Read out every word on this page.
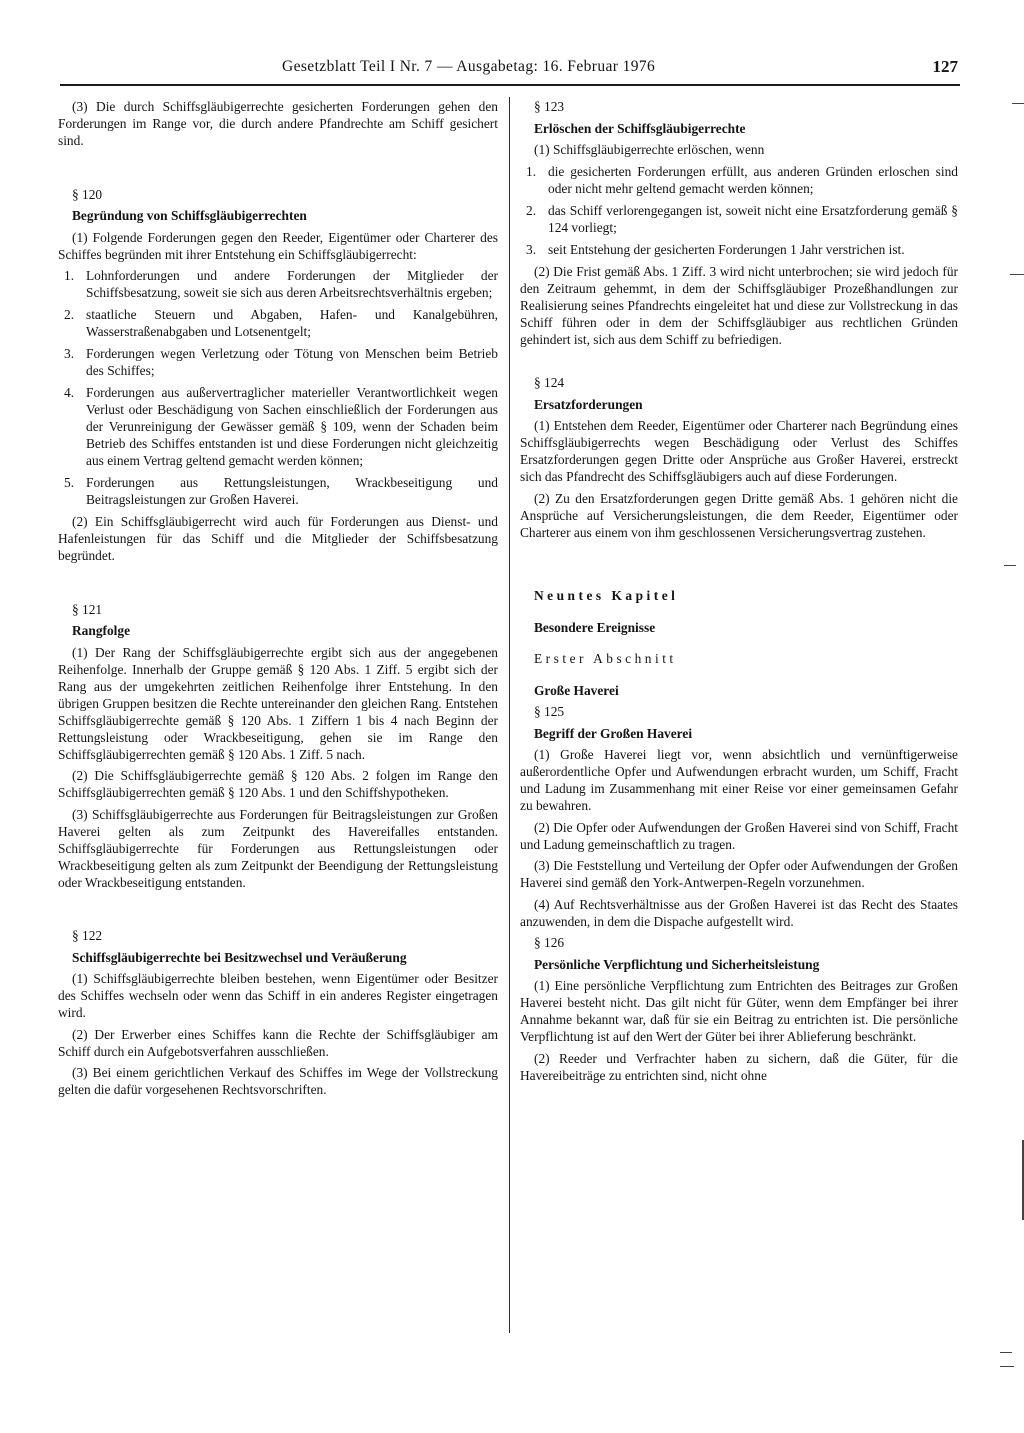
Gesetzblatt Teil I Nr. 7 — Ausgabetag: 16. Februar 1976	127

(3) Die durch Schiffsgläubigerrechte gesicherten Forderungen gehen den Forderungen im Range vor, die durch andere Pfandrechte am Schiff gesichert sind.

§ 120

Begründung von Schiffsgläubigerrechten

(1) Folgende Forderungen gegen den Reeder, Eigentümer oder Charterer des Schiffes begründen mit ihrer Entstehung ein Schiffsgläubigerrecht:

1. Lohnforderungen und andere Forderungen der Mitglieder der Schiffsbesatzung, soweit sie sich aus deren Arbeitsrechtsverhältnis ergeben;
2. staatliche Steuern und Abgaben, Hafen- und Kanalgebühren, Wasserstraßenabgaben und Lotsenentgelt;
3. Forderungen wegen Verletzung oder Tötung von Menschen beim Betrieb des Schiffes;
4. Forderungen aus außervertraglicher materieller Verantwortlichkeit wegen Verlust oder Beschädigung von Sachen einschließlich der Forderungen aus der Verunreinigung der Gewässer gemäß § 109, wenn der Schaden beim Betrieb des Schiffes entstanden ist und diese Forderungen nicht gleichzeitig aus einem Vertrag geltend gemacht werden können;
5. Forderungen aus Rettungsleistungen, Wrackbeseitigung und Beitragsleistungen zur Großen Haverei.

(2) Ein Schiffsgläubigerrecht wird auch für Forderungen aus Dienst- und Hafenleistungen für das Schiff und die Mitglieder der Schiffsbesatzung begründet.

§ 121

Rangfolge

(1) Der Rang der Schiffsgläubigerrechte ergibt sich aus der angegebenen Reihenfolge. Innerhalb der Gruppe gemäß § 120 Abs. 1 Ziff. 5 ergibt sich der Rang aus der umgekehrten zeitlichen Reihenfolge ihrer Entstehung. In den übrigen Gruppen besitzen die Rechte untereinander den gleichen Rang. Entstehen Schiffsgläubigerrechte gemäß § 120 Abs. 1 Ziffern 1 bis 4 nach Beginn der Rettungsleistung oder Wrackbeseitigung, gehen sie im Range den Schiffsgläubigerrechten gemäß § 120 Abs. 1 Ziff. 5 nach.

(2) Die Schiffsgläubigerrechte gemäß § 120 Abs. 2 folgen im Range den Schiffsgläubigerrechten gemäß § 120 Abs. 1 und den Schiffshypotheken.

(3) Schiffsgläubigerrechte aus Forderungen für Beitragsleistungen zur Großen Haverei gelten als zum Zeitpunkt des Havereifalles entstanden. Schiffsgläubigerrechte für Forderungen aus Rettungsleistungen oder Wrackbeseitigung gelten als zum Zeitpunkt der Beendigung der Rettungsleistung oder Wrackbeseitigung entstanden.

§ 122

Schiffsgläubigerrechte bei Besitzwechsel und Veräußerung

(1) Schiffsgläubigerrechte bleiben bestehen, wenn Eigentümer oder Besitzer des Schiffes wechseln oder wenn das Schiff in ein anderes Register eingetragen wird.

(2) Der Erwerber eines Schiffes kann die Rechte der Schiffsgläubiger am Schiff durch ein Aufgebotsverfahren ausschließen.

(3) Bei einem gerichtlichen Verkauf des Schiffes im Wege der Vollstreckung gelten die dafür vorgesehenen Rechtsvorschriften.

§ 123

Erlöschen der Schiffsgläubigerrechte

(1) Schiffsgläubigerrechte erlöschen, wenn

1. die gesicherten Forderungen erfüllt, aus anderen Gründen erloschen sind oder nicht mehr geltend gemacht werden können;
2. das Schiff verlorengegangen ist, soweit nicht eine Ersatzforderung gemäß § 124 vorliegt;
3. seit Entstehung der gesicherten Forderungen 1 Jahr verstrichen ist.

(2) Die Frist gemäß Abs. 1 Ziff. 3 wird nicht unterbrochen; sie wird jedoch für den Zeitraum gehemmt, in dem der Schiffsgläubiger Prozeßhandlungen zur Realisierung seines Pfandrechts eingeleitet hat und diese zur Vollstreckung in das Schiff führen oder in dem der Schiffsgläubiger aus rechtlichen Gründen gehindert ist, sich aus dem Schiff zu befriedigen.

§ 124

Ersatzforderungen

(1) Entstehen dem Reeder, Eigentümer oder Charterer nach Begründung eines Schiffsgläubigerrechts wegen Beschädigung oder Verlust des Schiffes Ersatzforderungen gegen Dritte oder Ansprüche aus Großer Haverei, erstreckt sich das Pfandrecht des Schiffsgläubigers auch auf diese Forderungen.

(2) Zu den Ersatzforderungen gegen Dritte gemäß Abs. 1 gehören nicht die Ansprüche auf Versicherungsleistungen, die dem Reeder, Eigentümer oder Charterer aus einem von ihm geschlossenen Versicherungsvertrag zustehen.

Neuntes Kapitel

Besondere Ereignisse

Erster Abschnitt

Große Haverei

§ 125

Begriff der Großen Haverei

(1) Große Haverei liegt vor, wenn absichtlich und vernünftigerweise außerordentliche Opfer und Aufwendungen erbracht wurden, um Schiff, Fracht und Ladung im Zusammenhang mit einer Reise vor einer gemeinsamen Gefahr zu bewahren.

(2) Die Opfer oder Aufwendungen der Großen Haverei sind von Schiff, Fracht und Ladung gemeinschaftlich zu tragen.

(3) Die Feststellung und Verteilung der Opfer oder Aufwendungen der Großen Haverei sind gemäß den York-Antwerpen-Regeln vorzunehmen.

(4) Auf Rechtsverhältnisse aus der Großen Haverei ist das Recht des Staates anzuwenden, in dem die Dispache aufgestellt wird.

§ 126

Persönliche Verpflichtung und Sicherheitsleistung

(1) Eine persönliche Verpflichtung zum Entrichten des Beitrages zur Großen Haverei besteht nicht. Das gilt nicht für Güter, wenn dem Empfänger bei ihrer Annahme bekannt war, daß für sie ein Beitrag zu entrichten ist. Die persönliche Verpflichtung ist auf den Wert der Güter bei ihrer Ablieferung beschränkt.

(2) Reeder und Verfrachter haben zu sichern, daß die Güter, für die Havereibeiträge zu entrichten sind, nicht ohne
